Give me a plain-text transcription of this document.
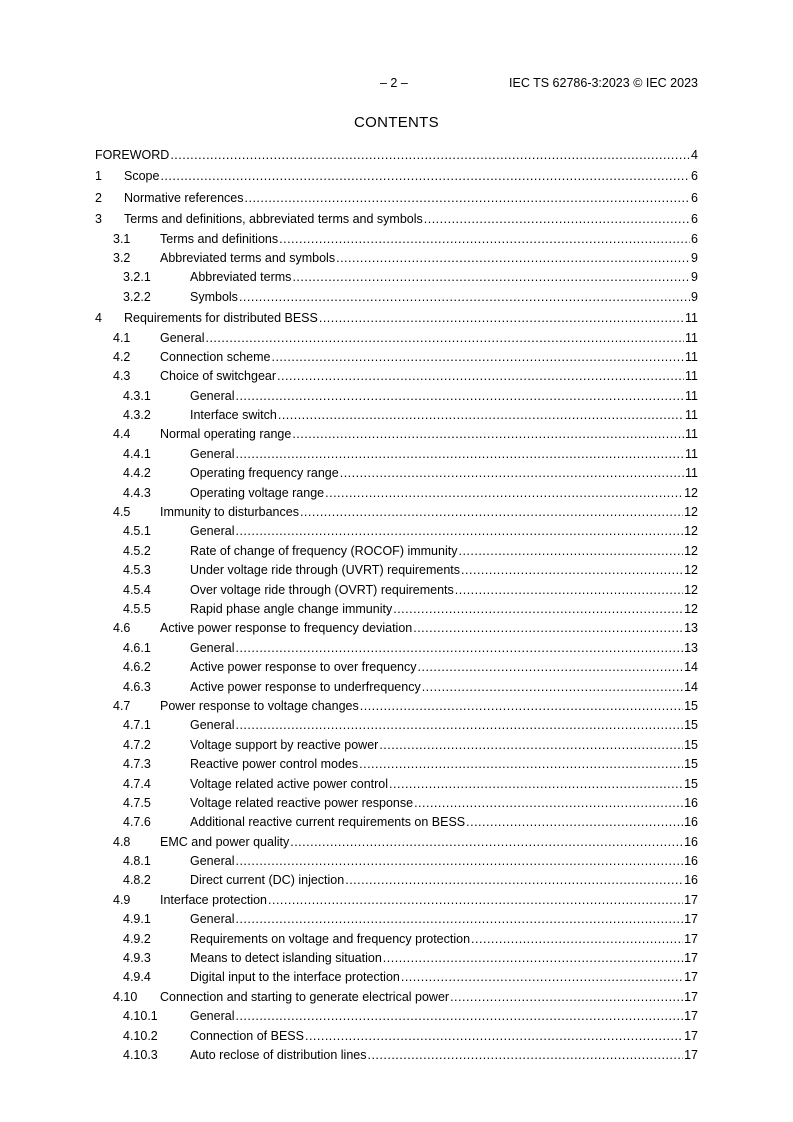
– 2 –	IEC TS 62786-3:2023 © IEC 2023
CONTENTS
FOREWORD .....	4
1	Scope .....	6
2	Normative references .....	6
3	Terms and definitions, abbreviated terms and symbols .....	6
3.1	Terms and definitions .....	6
3.2	Abbreviated terms and symbols .....	9
3.2.1	Abbreviated terms .....	9
3.2.2	Symbols .....	9
4	Requirements for distributed BESS .....	11
4.1	General .....	11
4.2	Connection scheme .....	11
4.3	Choice of switchgear .....	11
4.3.1	General .....	11
4.3.2	Interface switch .....	11
4.4	Normal operating range .....	11
4.4.1	General .....	11
4.4.2	Operating frequency range .....	11
4.4.3	Operating voltage range .....	12
4.5	Immunity to disturbances .....	12
4.5.1	General .....	12
4.5.2	Rate of change of frequency (ROCOF) immunity .....	12
4.5.3	Under voltage ride through (UVRT) requirements .....	12
4.5.4	Over voltage ride through (OVRT) requirements .....	12
4.5.5	Rapid phase angle change immunity .....	12
4.6	Active power response to frequency deviation .....	13
4.6.1	General .....	13
4.6.2	Active power response to over frequency .....	14
4.6.3	Active power response to underfrequency .....	14
4.7	Power response to voltage changes .....	15
4.7.1	General .....	15
4.7.2	Voltage support by reactive power .....	15
4.7.3	Reactive power control modes .....	15
4.7.4	Voltage related active power control .....	15
4.7.5	Voltage related reactive power response .....	16
4.7.6	Additional reactive current requirements on BESS .....	16
4.8	EMC and power quality .....	16
4.8.1	General .....	16
4.8.2	Direct current (DC) injection .....	16
4.9	Interface protection .....	17
4.9.1	General .....	17
4.9.2	Requirements on voltage and frequency protection .....	17
4.9.3	Means to detect islanding situation .....	17
4.9.4	Digital input to the interface protection .....	17
4.10	Connection and starting to generate electrical power .....	17
4.10.1	General .....	17
4.10.2	Connection of BESS .....	17
4.10.3	Auto reclose of distribution lines .....	17
